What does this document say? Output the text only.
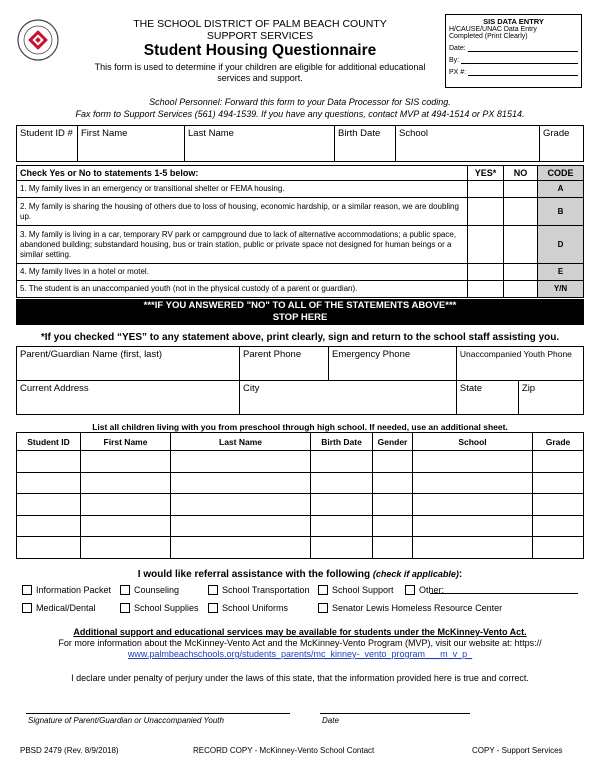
THE SCHOOL DISTRICT OF PALM BEACH COUNTY
SUPPORT SERVICES
Student Housing Questionnaire
This form is used to determine if your children are eligible for additional educational services and support.
SIS DATA ENTRY
H/CAUSE/UNAC Data Entry
Completed (Print Clearly)
Date:
By:
PX #:
School Personnel: Forward this form to your Data Processor for SIS coding.
Fax form to Support Services (561) 494-1539. If you have any questions, contact MVP at 494-1514 or PX 81514.
Student ID #	First Name	Last Name	Birth Date	School	Grade
Check Yes or No to statements 1-5 below:	YES*	NO	CODE
1. My family lives in an emergency or transitional shelter or FEMA housing.			A
2. My family is sharing the housing of others due to loss of housing, economic hardship, or a similar reason, we are doubling up.			B
3. My family is living in a car, temporary RV park or campground due to lack of alternative accommodations; a public space, abandoned building; substandard housing, bus or train station, public or private space not designed for human beings or a similar setting.			D
4. My family lives in a hotel or motel.			E
5. The student is an unaccompanied youth (not in the physical custody of a parent or guardian).			Y/N
***IF YOU ANSWERED "NO" TO ALL OF THE STATEMENTS ABOVE***
STOP HERE
*If you checked “YES” to any statement above, print clearly, sign and return to the school staff assisting you.
Parent/Guardian Name (first, last)	Parent Phone	Emergency Phone	Unaccompanied Youth Phone	
Current Address	City		State	Zip
List all children living with you from preschool through high school. If needed, use an additional sheet.
Student ID	First Name	Last Name	Birth Date	Gender	School	Grade

I would like referral assistance with the following (check if applicable):
Information Packet	Counseling	School Transportation School Support	Other:
Medical/Dental	School Supplies	School Uniforms	Senator Lewis Homeless Resource Center
Additional support and educational services may be available for students under the McKinney-Vento Act.
For more information about the McKinney-Vento Act and the McKinney-Vento Program (MVP), visit our website at: https://
www.palmbeachschools.org/students_parents/mc_kinney-_vento_program___m_v_p_
I declare under penalty of perjury under the laws of this state, that the information provided here is true and correct.
Signature of Parent/Guardian or Unaccompanied Youth	Date
PBSD 2479 (Rev. 8/9/2018)	RECORD COPY - McKinney-Vento School Contact	COPY - Support Services
